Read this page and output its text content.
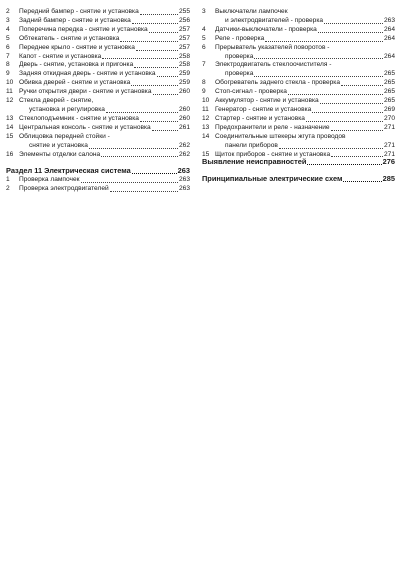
2 Передний бампер - снятие и установка	255
3 Задний бампер - снятие и установка	256
4 Поперечина передка - снятие и установка	257
5 Обтекатель - снятие и установка	257
6 Переднее крыло - снятие и установка	257
7 Капот - снятие и установка	258
8 Дверь - снятие, установка и пригонка	258
9 Задняя откидная дверь - снятие и установка	259
10 Обивка дверей - снятие и установка	259
11 Ручки открытия двери - снятие и установка	260
12 Стекла дверей - снятие,
установка и регулировка	260
13 Стеклоподъемник - снятие и установка	260
14 Центральная консоль - снятие и установка	261
15 Облицовка передней стойки -
снятие и установка	262
16 Элементы отделки салона	262
Раздел 11 Электрическая система	263
1 Проверка лампочек	263
2 Проверка электродвигателей	263
3 Выключатели лампочек
и электродвигателей - проверка	263
4 Датчики-выключатели - проверка	264
5 Реле - проверка	264
6 Прерыватель указателей поворотов -
проверка	264
7 Электродвигатель стеклоочистителя -
проверка	265
8 Обогреватель заднего стекла - проверка	265
9 Стоп-сигнал - проверка	265
10 Аккумулятор - снятие и установка	265
11 Генератор - снятие и установка	269
12 Стартер - снятие и установка	270
13 Предохранители и реле - назначение	271
14 Соединительные штекеры жгута проводов
панели приборов	271
15 Щиток приборов - снятие и установка	271
Выявление неисправностей	276
Принципиальные электрические схем	285
